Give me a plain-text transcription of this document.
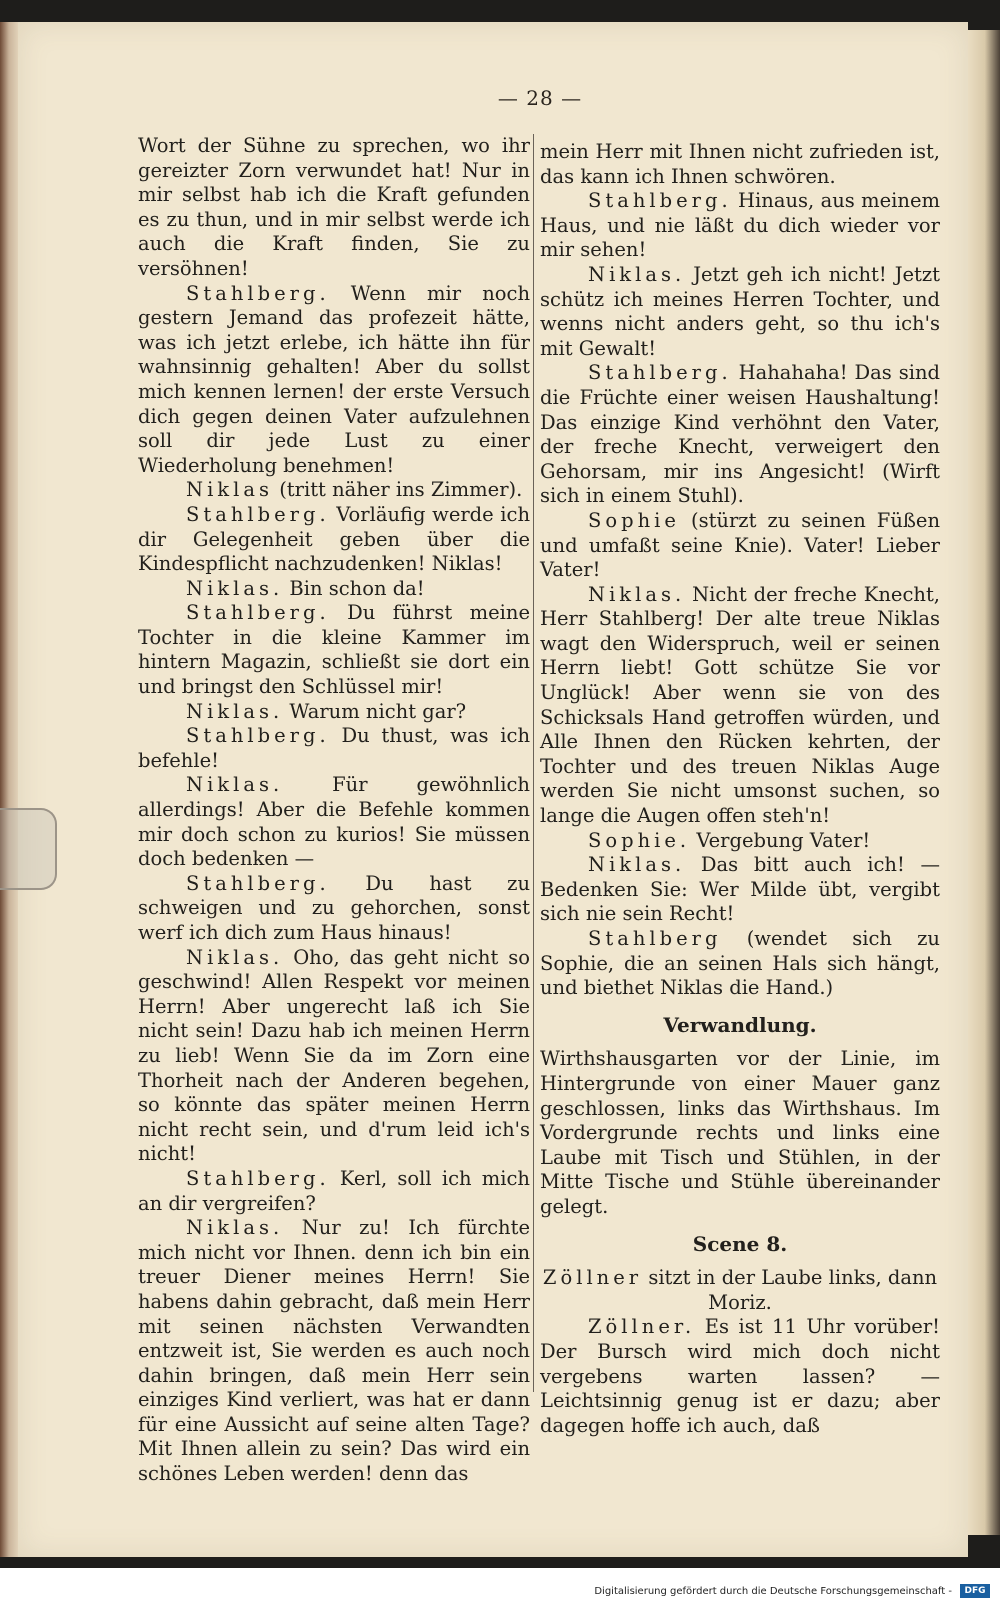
— 28 —

Wort der Sühne zu sprechen, wo ihr gereizter Zorn verwundet hat! Nur in mir selbst hab ich die Kraft gefunden es zu thun, und in mir selbst werde ich auch die Kraft finden, Sie zu versöhnen!

Stahlberg. Wenn mir noch gestern Jemand das profezeit hätte, was ich jetzt erlebe, ich hätte ihn für wahnsinnig gehalten! Aber du sollst mich kennen lernen! der erste Versuch dich gegen deinen Vater aufzulehnen soll dir jede Lust zu einer Wiederholung benehmen!

Niklas (tritt näher ins Zimmer).

Stahlberg. Vorläufig werde ich dir Gelegenheit geben über die Kindespflicht nachzudenken! Niklas!

Niklas. Bin schon da!

Stahlberg. Du führst meine Tochter in die kleine Kammer im hintern Magazin, schließt sie dort ein und bringst den Schlüssel mir!

Niklas. Warum nicht gar?

Stahlberg. Du thust, was ich befehle!

Niklas.	Für gewöhnlich allerdings! Aber die Befehle kommen mir doch schon zu kurios! Sie müssen doch bedenken —

Stahlberg. Du hast zu schweigen und zu gehorchen, sonst werf ich dich zum Haus hinaus!

Niklas. Oho, das geht nicht so geschwind! Allen Respekt vor meinen Herrn! Aber ungerecht laß ich Sie nicht sein! Dazu hab ich meinen Herrn zu lieb! Wenn Sie da im Zorn eine Thorheit nach der Anderen begehen, so könnte das später meinen Herrn nicht recht sein, und d'rum leid ich's nicht!

Stahlberg. Kerl, soll ich mich an dir vergreifen?

Niklas. Nur zu! Ich fürchte mich nicht vor Ihnen. denn ich bin ein treuer Diener meines Herrn! Sie habens dahin gebracht, daß mein Herr mit seinen nächsten Verwandten entzweit ist, Sie werden es auch noch dahin bringen, daß mein Herr sein einziges Kind verliert, was hat er dann für eine Aussicht auf seine alten Tage? Mit Ihnen allein zu sein? Das wird ein schönes Leben werden! denn das

mein Herr mit Ihnen nicht zufrieden ist, das kann ich Ihnen schwören.

Stahlberg. Hinaus, aus meinem Haus, und nie läßt du dich wieder vor mir sehen!

Niklas. Jetzt geh ich nicht! Jetzt schütz ich meines Herren Tochter, und wenns nicht anders geht, so thu ich's mit Gewalt!

Stahlberg. Hahahaha! Das sind die Früchte einer weisen Haushaltung! Das einzige Kind verhöhnt den Vater, der freche Knecht, verweigert den Gehorsam, mir ins Angesicht! (Wirft sich in einem Stuhl).

Sophie (stürzt zu seinen Füßen und umfaßt seine Knie). Vater! Lieber Vater!

Niklas. Nicht der freche Knecht, Herr Stahlberg! Der alte treue Niklas wagt den Widerspruch, weil er seinen Herrn liebt! Gott schütze Sie vor Unglück! Aber wenn sie von des Schicksals Hand getroffen würden, und Alle Ihnen den Rücken kehrten, der Tochter und des treuen Niklas Auge werden Sie nicht umsonst suchen, so lange die Augen offen steh'n!

Sophie. Vergebung Vater!

Niklas. Das bitt auch ich! — Bedenken Sie: Wer Milde übt, vergibt sich nie sein Recht!

Stahlberg (wendet sich zu Sophie, die an seinen Hals sich hängt, und biethet Niklas die Hand.)

Verwandlung.

Wirthshausgarten vor der Linie, im Hintergrunde von einer Mauer ganz geschlossen, links das Wirthshaus. Im Vordergrunde rechts und links eine Laube mit Tisch und Stühlen, in der Mitte Tische und Stühle übereinander gelegt.

Scene 8.

Zöllner sitzt in der Laube links, dann Moriz.

Zöllner. Es ist 11 Uhr vorüber! Der Bursch wird mich doch nicht vergebens warten lassen? — Leichtsinnig genug ist er dazu; aber dagegen hoffe ich auch, daß

Digitalisierung gefördert durch die Deutsche Forschungsgemeinschaft -	DFG
